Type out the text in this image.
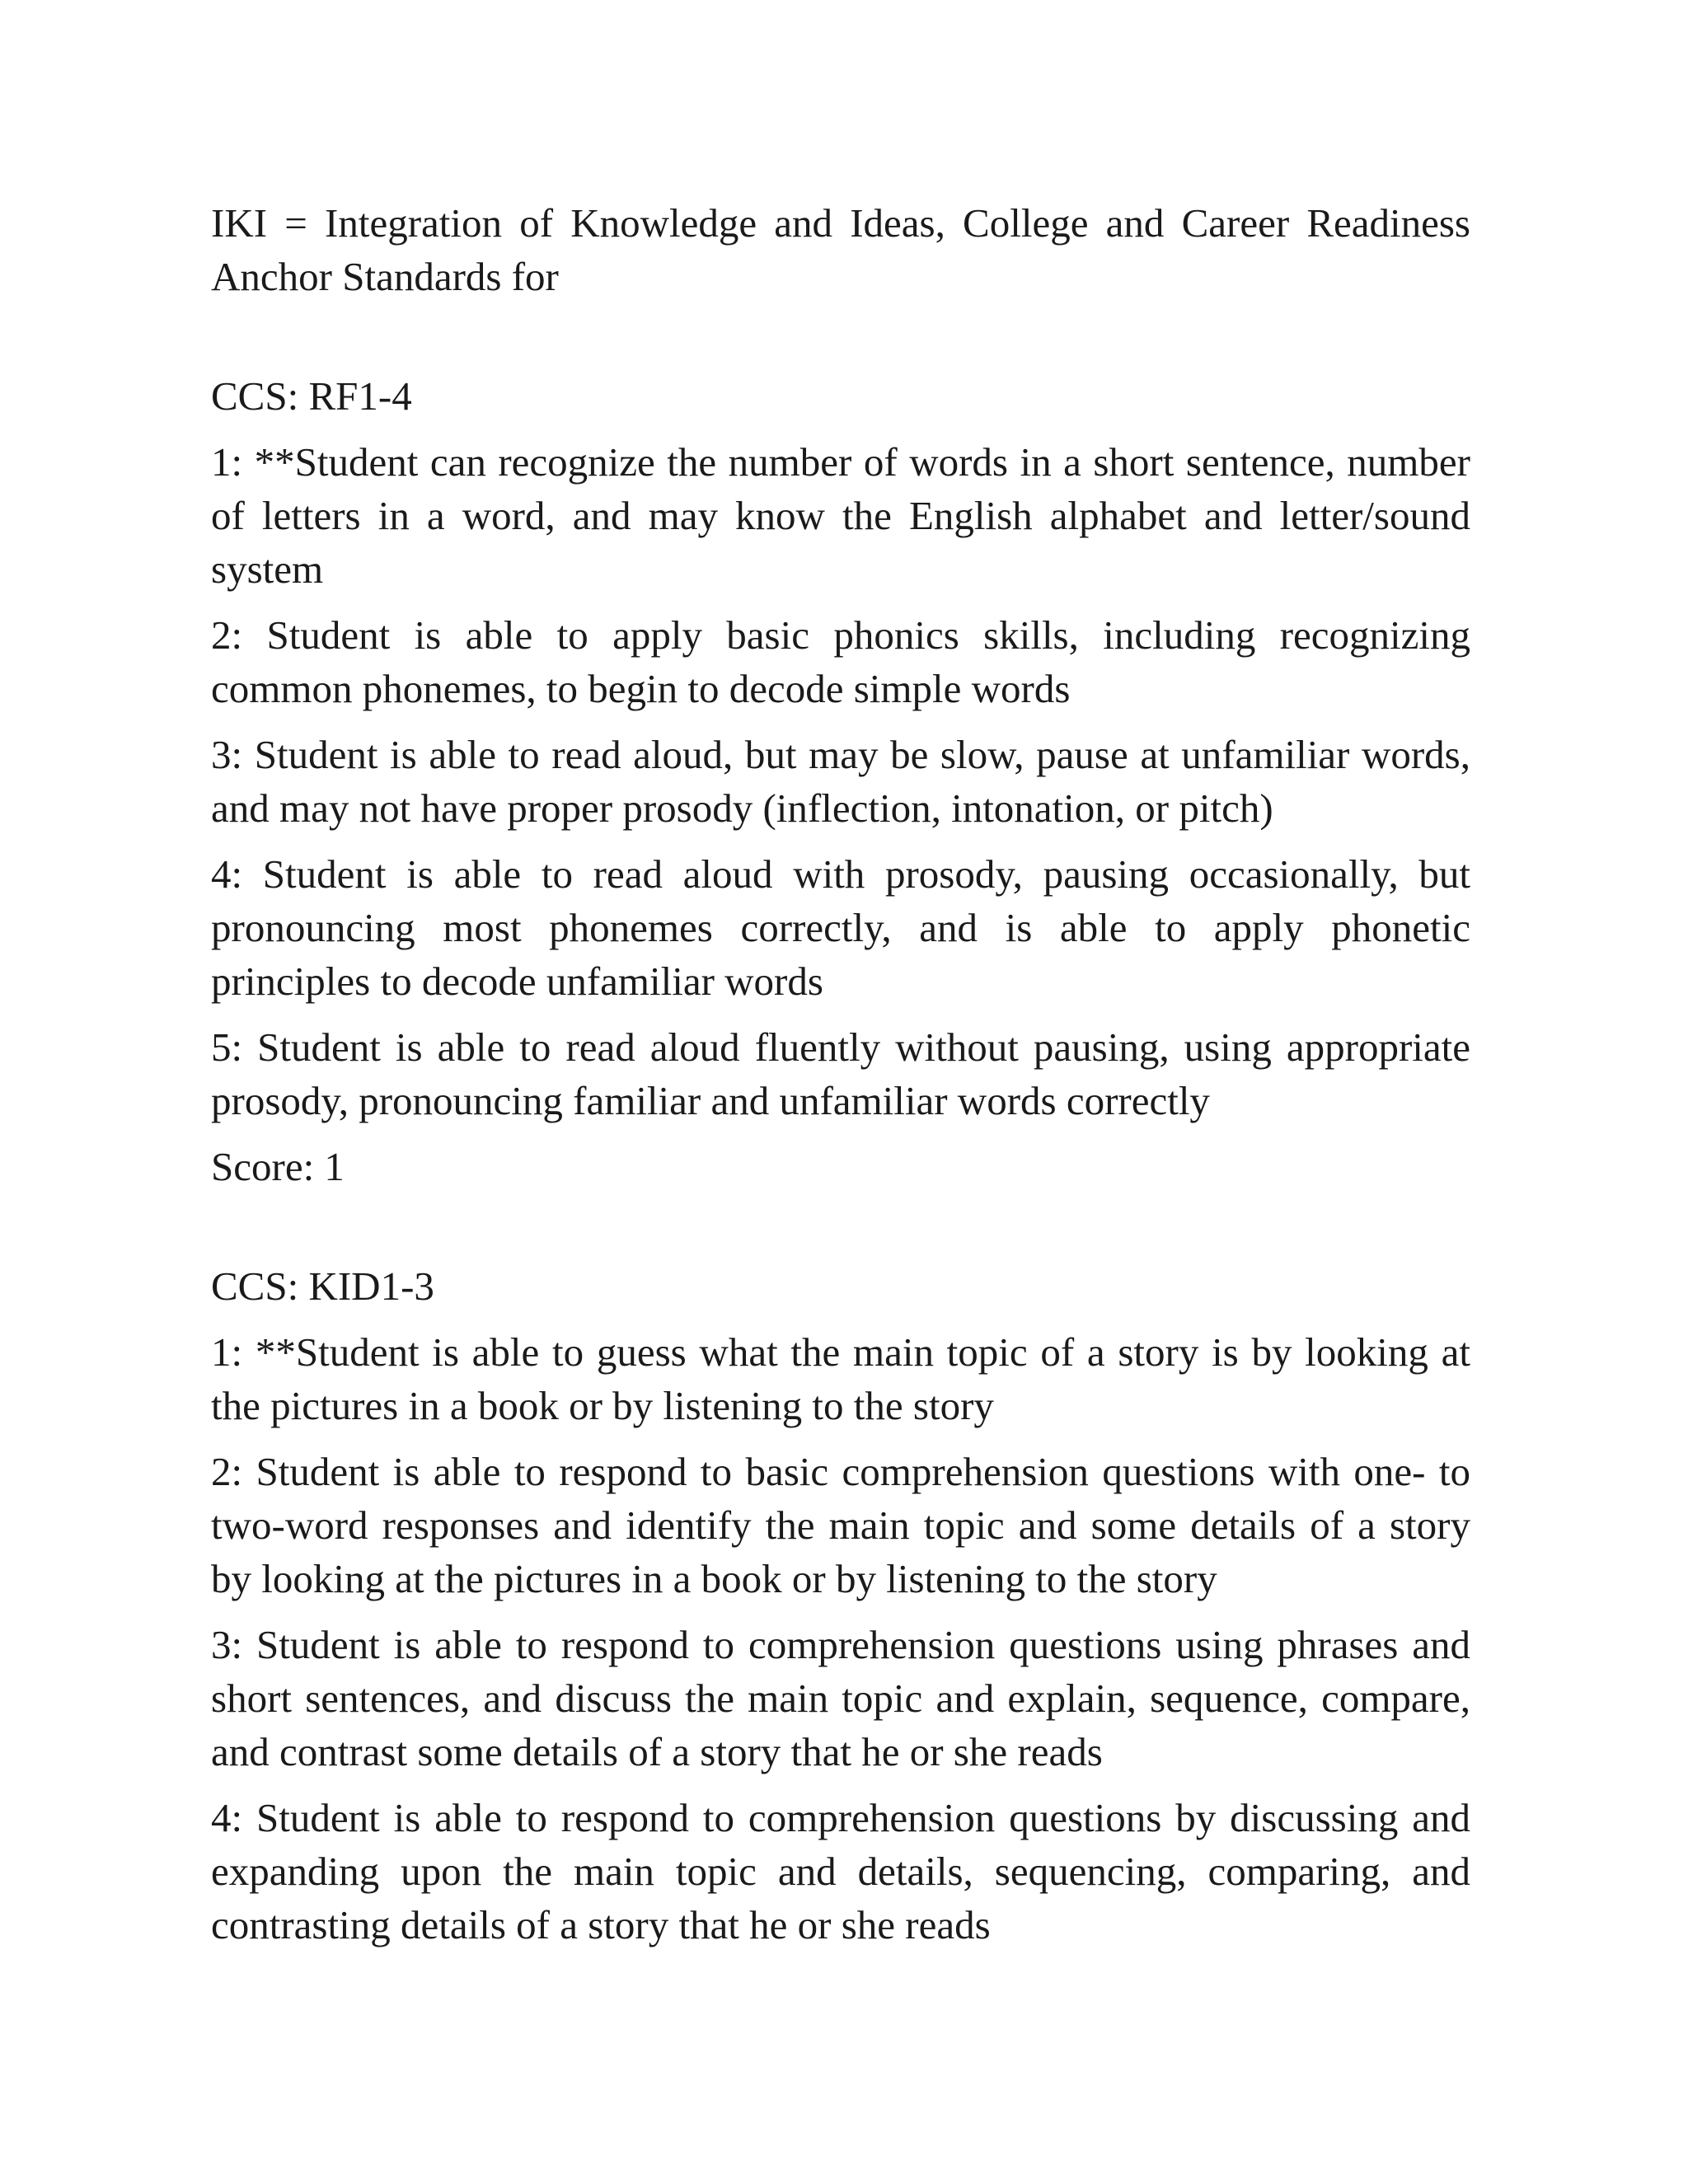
IKI = Integration of Knowledge and Ideas, College and Career Readiness Anchor Standards for

CCS: RF1-4

1: **Student can recognize the number of words in a short sentence, number of letters in a word, and may know the English alphabet and letter/sound system

2: Student is able to apply basic phonics skills, including recognizing common phonemes, to begin to decode simple words

3: Student is able to read aloud, but may be slow, pause at unfamiliar words, and may not have proper prosody (inflection, intonation, or pitch)

4: Student is able to read aloud with prosody, pausing occasionally, but pronouncing most phonemes correctly, and is able to apply phonetic principles to decode unfamiliar words

5: Student is able to read aloud fluently without pausing, using appropriate prosody, pronouncing familiar and unfamiliar words correctly

Score: 1

CCS: KID1-3

1: **Student is able to guess what the main topic of a story is by looking at the pictures in a book or by listening to the story

2: Student is able to respond to basic comprehension questions with one- to two-word responses and identify the main topic and some details of a story by looking at the pictures in a book or by listening to the story

3: Student is able to respond to comprehension questions using phrases and short sentences, and discuss the main topic and explain, sequence, compare, and contrast some details of a story that he or she reads

4: Student is able to respond to comprehension questions by discussing and expanding upon the main topic and details, sequencing, comparing, and contrasting details of a story that he or she reads
